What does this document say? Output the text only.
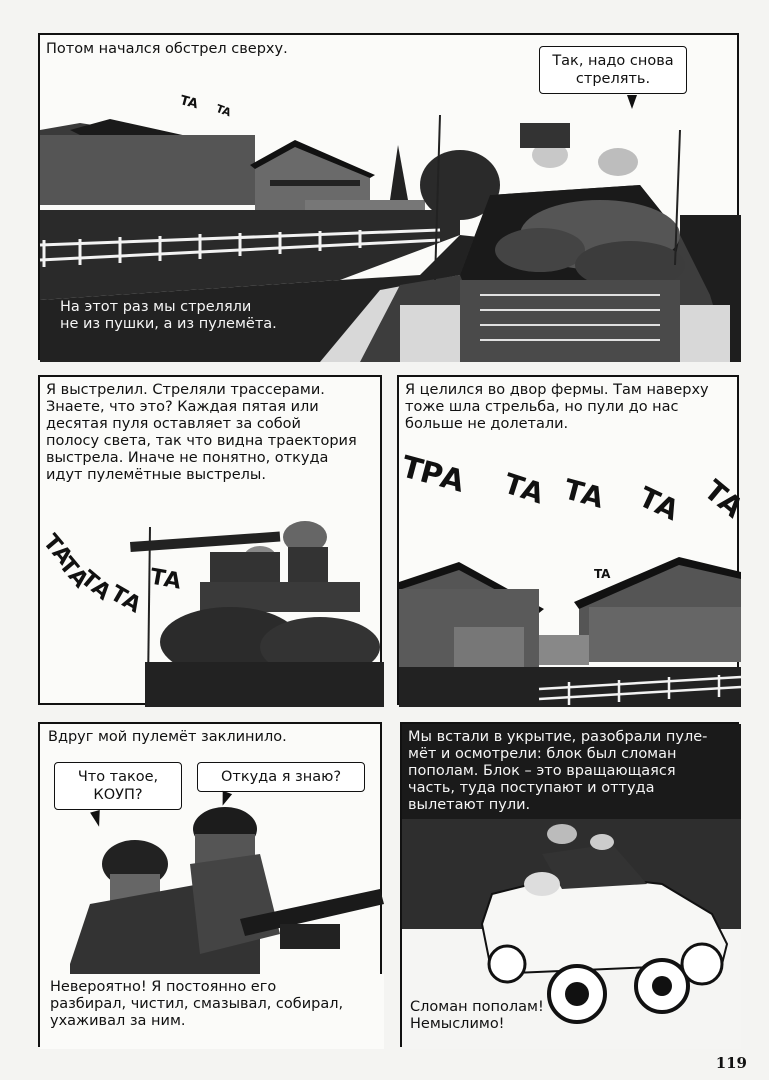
Потом начался обстрел сверху.
Так, надо снова
стрелять.
ТА ТА
На этот раз мы стреляли
не из пушки, а из пулемёта.
Я выстрелил. Стреляли трассерами.
Знаете, что это? Каждая пятая или
десятая пуля оставляет за собой
полосу света, так что видна траектория
выстрела. Иначе не понятно, откуда
идут пулемётные выстрелы.
ТА
ТА
ТА
ТА
ТА
Я целился во двор фермы. Там наверху
тоже шла стрельба, но пули до нас
больше не долетали.
ТРА ТА ТА ТА ТА
ТА
Вдруг мой пулемёт заклинило.
Что такое,
КОУП?
Откуда я знаю?
Невероятно! Я постоянно его
разбирал, чистил, смазывал, собирал,
ухаживал за ним.
Мы встали в укрытие, разобрали пуле-
мёт и осмотрели: блок был сломан
пополам. Блок – это вращающаяся
часть, туда поступают и оттуда
вылетают пули.
Сломан пополам!
Немыслимо!
119
